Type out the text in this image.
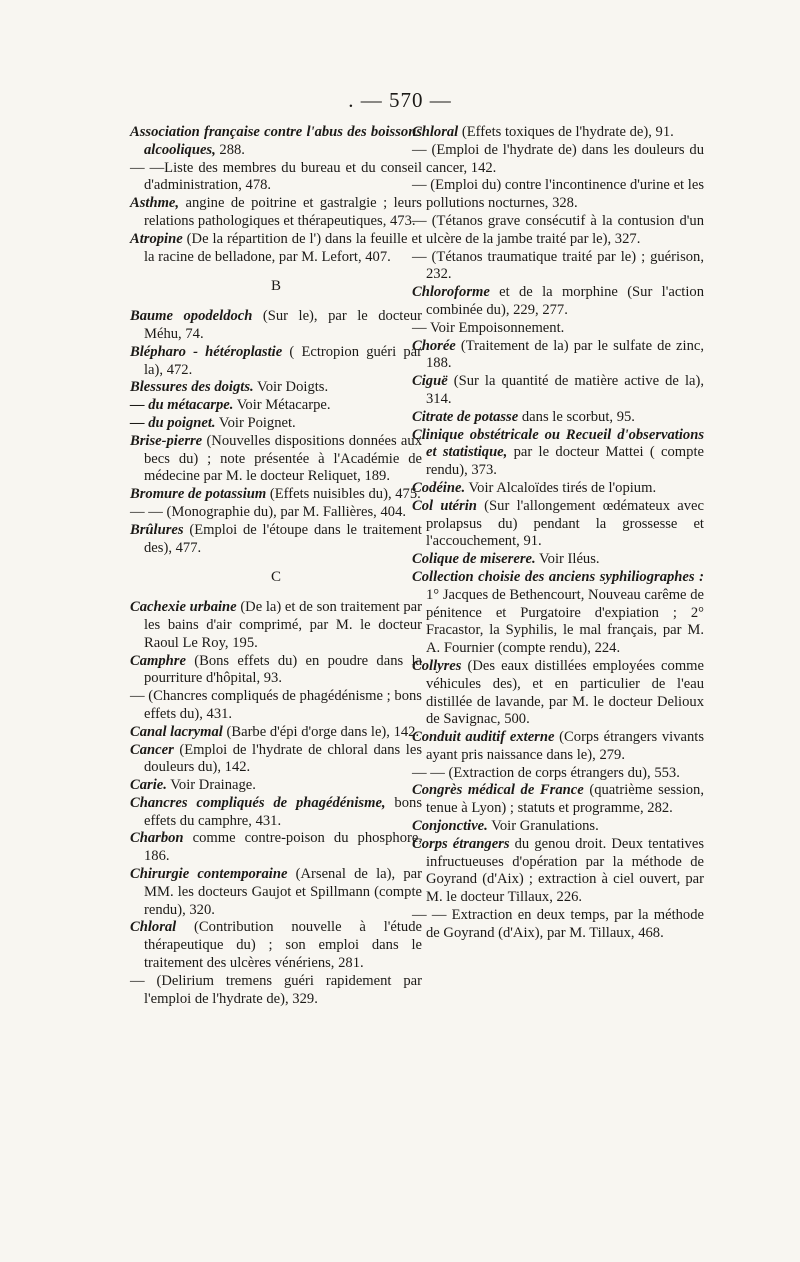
. — 570 —

Association française contre l'abus des boissons alcooliques, 288.

— —Liste des membres du bureau et du conseil d'administration, 478.

Asthme, angine de poitrine et gastralgie ; leurs relations pathologiques et thérapeutiques, 473.

Atropine (De la répartition de l') dans la feuille et la racine de belladone, par M. Lefort, 407.

B

Baume opodeldoch (Sur le), par le docteur Méhu, 74.

Blépharo - hétéroplastie ( Ectropion guéri par la), 472.

Blessures des doigts. Voir Doigts.

— du métacarpe. Voir Métacarpe.

— du poignet. Voir Poignet.

Brise-pierre (Nouvelles dispositions données aux becs du) ; note présentée à l'Académie de médecine par M. le docteur Reliquet, 189.

Bromure de potassium (Effets nuisibles du), 475.

— — (Monographie du), par M. Fallières, 404.

Brûlures (Emploi de l'étoupe dans le traitement des), 477.

C

Cachexie urbaine (De la) et de son traitement par les bains d'air comprimé, par M. le docteur Raoul Le Roy, 195.

Camphre (Bons effets du) en poudre dans la pourriture d'hôpital, 93.

— (Chancres compliqués de phagédénisme ; bons effets du), 431.

Canal lacrymal (Barbe d'épi d'orge dans le), 142.

Cancer (Emploi de l'hydrate de chloral dans les douleurs du), 142.

Carie. Voir Drainage.

Chancres compliqués de phagédénisme, bons effets du camphre, 431.

Charbon comme contre-poison du phosphore, 186.

Chirurgie contemporaine (Arsenal de la), par MM. les docteurs Gaujot et Spillmann (compte rendu), 320.

Chloral (Contribution nouvelle à l'étude thérapeutique du) ; son emploi dans le traitement des ulcères vénériens, 281.

— (Delirium tremens guéri rapidement par l'emploi de l'hydrate de), 329.

Chloral (Effets toxiques de l'hydrate de), 91.

— (Emploi de l'hydrate de) dans les douleurs du cancer, 142.

— (Emploi du) contre l'incontinence d'urine et les pollutions nocturnes, 328.

— (Tétanos grave consécutif à la contusion d'un ulcère de la jambe traité par le), 327.

— (Tétanos traumatique traité par le) ; guérison, 232.

Chloroforme et de la morphine (Sur l'action combinée du), 229, 277.

— Voir Empoisonnement.

Chorée (Traitement de la) par le sulfate de zinc, 188.

Ciguë (Sur la quantité de matière active de la), 314.

Citrate de potasse dans le scorbut, 95.

Clinique obstétricale ou Recueil d'observations et statistique, par le docteur Mattei ( compte rendu), 373.

Codéine. Voir Alcaloïdes tirés de l'opium.

Col utérin (Sur l'allongement œdémateux avec prolapsus du) pendant la grossesse et l'accouchement, 91.

Colique de miserere. Voir Iléus.

Collection choisie des anciens syphiliographes : 1° Jacques de Bethencourt, Nouveau carême de pénitence et Purgatoire d'expiation ; 2° Fracastor, la Syphilis, le mal français, par M. A. Fournier (compte rendu), 224.

Collyres (Des eaux distillées employées comme véhicules des), et en particulier de l'eau distillée de lavande, par M. le docteur Delioux de Savignac, 500.

Conduit auditif externe (Corps étrangers vivants ayant pris naissance dans le), 279.

— — (Extraction de corps étrangers du), 553.

Congrès médical de France (quatrième session, tenue à Lyon) ; statuts et programme, 282.

Conjonctive. Voir Granulations.

Corps étrangers du genou droit. Deux tentatives infructueuses d'opération par la méthode de Goyrand (d'Aix) ; extraction à ciel ouvert, par M. le docteur Tillaux, 226.

— — Extraction en deux temps, par la méthode de Goyrand (d'Aix), par M. Tillaux, 468.
